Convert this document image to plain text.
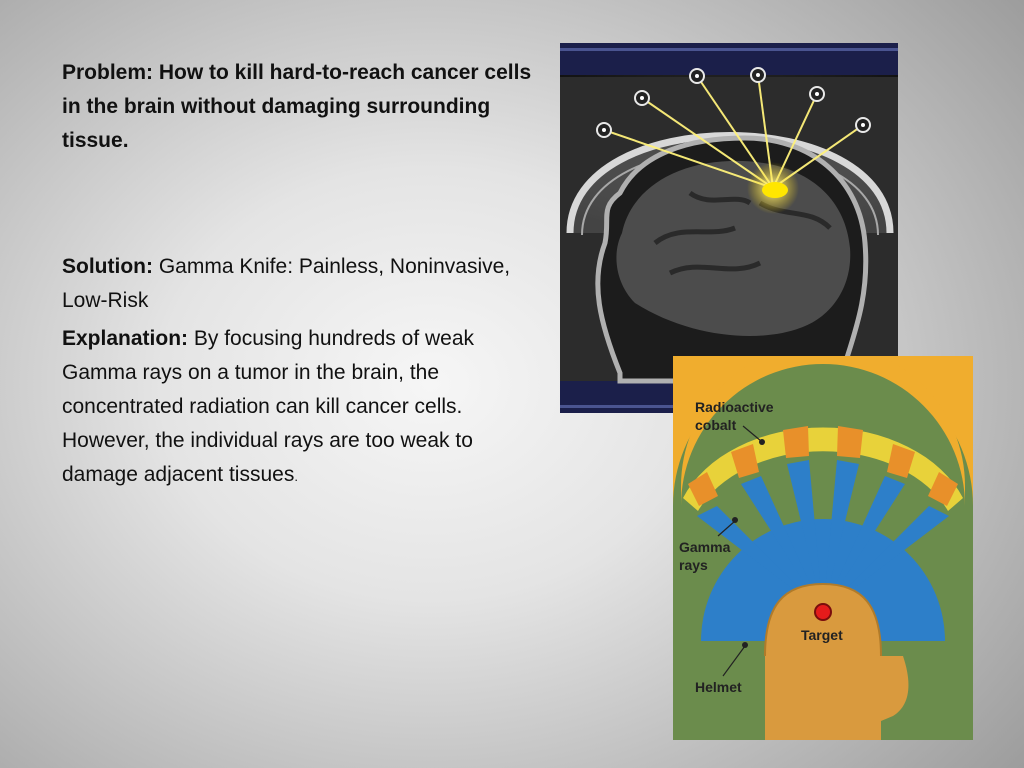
Problem: How to kill hard-to-reach cancer cells in the brain without damaging surrounding tissue.

Solution: Gamma Knife: Painless, Noninvasive, Low-Risk

Explanation: By focusing hundreds of weak Gamma rays on a tumor in the brain, the concentrated radiation can kill cancer cells. However, the individual rays are too weak to damage adjacent tissues.

Radioactive
cobalt
Gamma
rays
Target
Helmet
